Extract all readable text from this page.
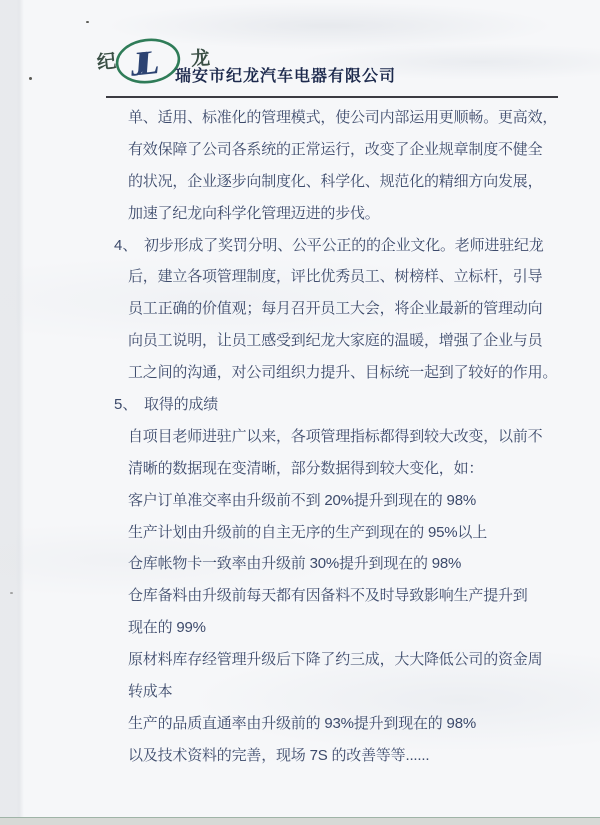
纪 JL	龙
瑞安市纪龙汽车电器有限公司
单、适用、标准化的管理模式，使公司内部运用更顺畅。更高效，
有效保障了公司各系统的正常运行，改变了企业规章制度不健全
的状况，企业逐步向制度化、科学化、规范化的精细方向发展，
加速了纪龙向科学化管理迈进的步伐。
4、 初步形成了奖罚分明、公平公正的的企业文化。老师进驻纪龙
后，建立各项管理制度，评比优秀员工、树榜样、立标杆，引导
员工正确的价值观；每月召开员工大会，将企业最新的管理动向
向员工说明，让员工感受到纪龙大家庭的温暖，增强了企业与员
工之间的沟通，对公司组织力提升、目标统一起到了较好的作用。
5、 取得的成绩
自项目老师进驻广以来，各项管理指标都得到较大改变，以前不
清晰的数据现在变清晰，部分数据得到较大变化，如：
客户订单准交率由升级前不到 20%提升到现在的 98%
生产计划由升级前的自主无序的生产到现在的 95%以上
仓库帐物卡一致率由升级前 30%提升到现在的 98%
仓库备料由升级前每天都有因备料不及时导致影响生产提升到
现在的 99%
原材料库存经管理升级后下降了约三成，大大降低公司的资金周
转成本
生产的品质直通率由升级前的 93%提升到现在的 98%
以及技术资料的完善，现场 7S 的改善等等......
